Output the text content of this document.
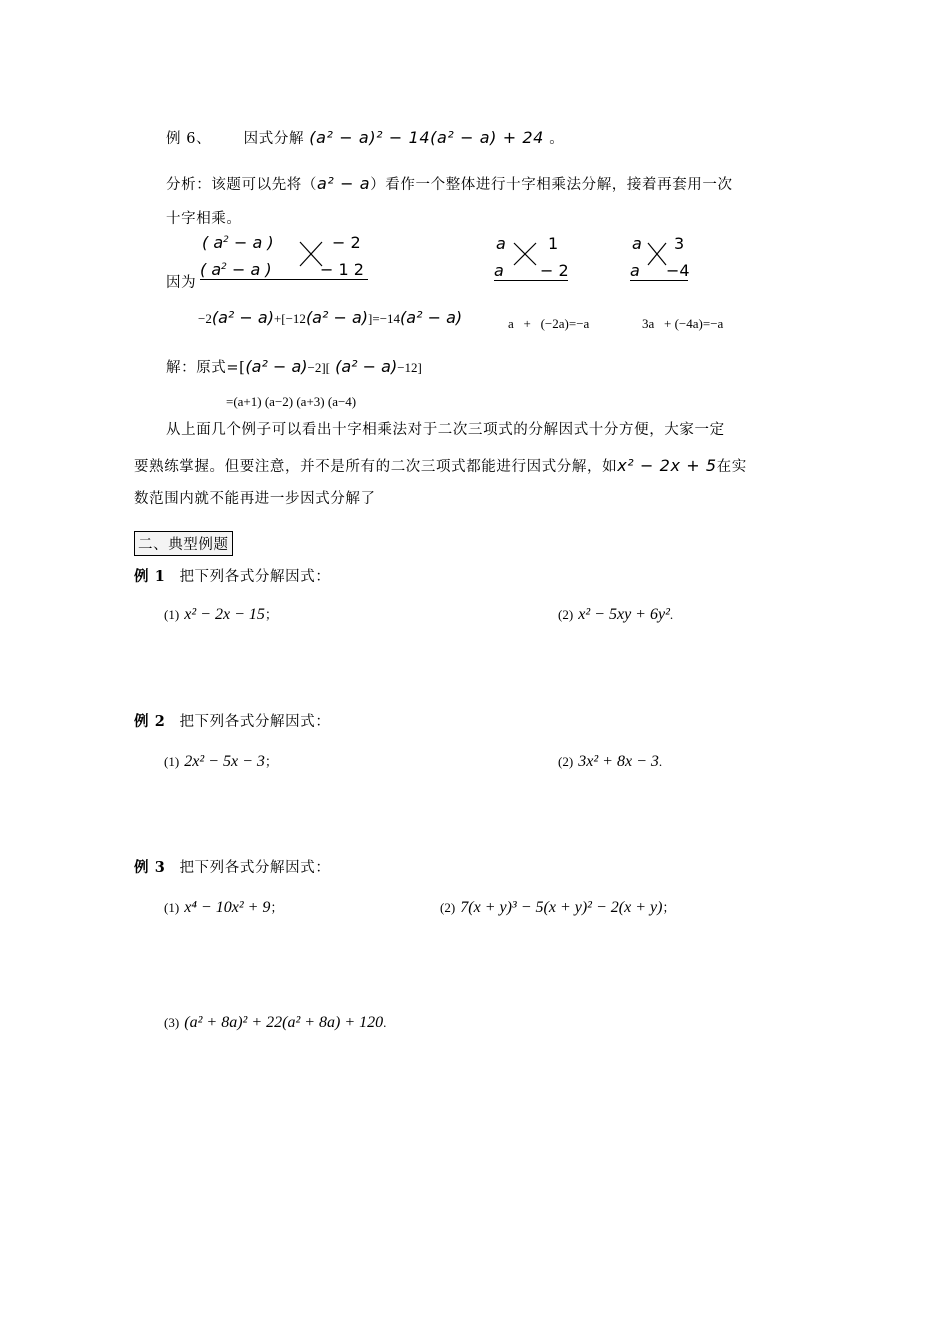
例 6、 因式分解 (a² − a)² − 14(a² − a) + 24 。
分析：该题可以先将（a² − a）看作一个整体进行十字相乘法分解，接着再套用一次
十字相乘。
因为
( $a^2 - a$ )	− 2
( $a^2 - a$ )	− 1 2
a	1
a − 2
a 3
a −4
−2(a² − a)+[−12(a² − a)]=−14(a² − a)	a   +   (−2a)=−a	3a   + (−4a)=−a
解：原式=[(a² − a)−2][ (a² − a)−12]
=(a+1) (a−2) (a+3) (a−4)
从上面几个例子可以看出十字相乘法对于二次三项式的分解因式十分方便，大家一定
要熟练掌握。但要注意，并不是所有的二次三项式都能进行因式分解，如x² − 2x + 5在实
数范围内就不能再进一步因式分解了
二、典型例题
例 1 把下列各式分解因式：
(1) x² − 2x − 15；	(2) x² − 5xy + 6y².
例 2 把下列各式分解因式：
(1) 2x² − 5x − 3；	(2) 3x² + 8x − 3.
例 3 把下列各式分解因式：
(1) x⁴ − 10x² + 9；	(2) 7(x + y)³ − 5(x + y)² − 2(x + y)；
(3) (a² + 8a)² + 22(a² + 8a) + 120.
